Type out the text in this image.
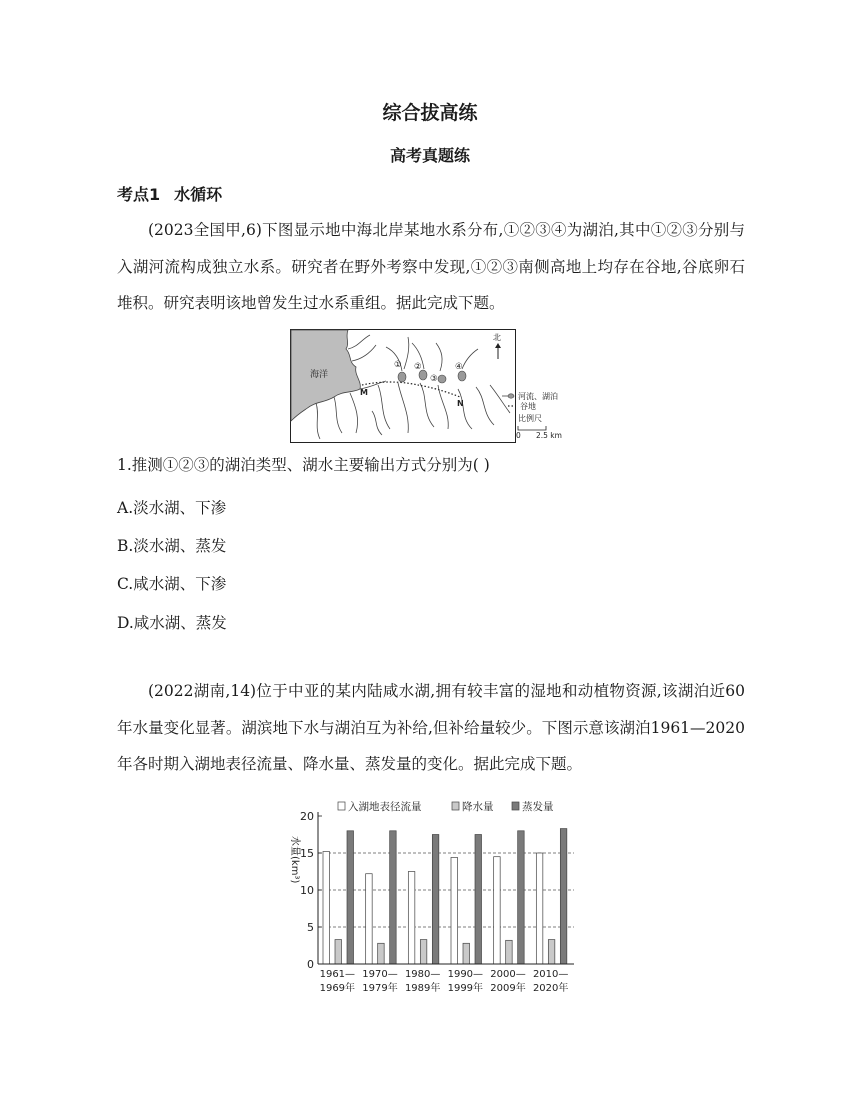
综合拔高练
高考真题练
考点1 水循环
(2023全国甲,6)下图显示地中海北岸某地水系分布,①②③④为湖泊,其中①②③分别与入湖河流构成独立水系。研究者在野外考察中发现,①②③南侧高地上均存在谷地,谷底卵石堆积。研究表明该地曾发生过水系重组。据此完成下题。
海洋
① ②
③
④
M
N
北
河流、湖泊
谷地
比例尺
0 2.5 km
1.推测①②③的湖泊类型、湖水主要输出方式分别为( )
A.淡水湖、下渗
B.淡水湖、蒸发
C.咸水湖、下渗
D.咸水湖、蒸发
(2022湖南,14)位于中亚的某内陆咸水湖,拥有较丰富的湿地和动植物资源,该湖泊近60年水量变化显著。湖滨地下水与湖泊互为补给,但补给量较少。下图示意该湖泊1961—2020年各时期入湖地表径流量、降水量、蒸发量的变化。据此完成下题。
入湖地表径流量	降水量	蒸发量
水量(km³)
0
5
10
15
20
1961—
1969年
1970—
1979年
1980—
1989年
1990—
1999年
2000—
2009年
2010—
2020年
